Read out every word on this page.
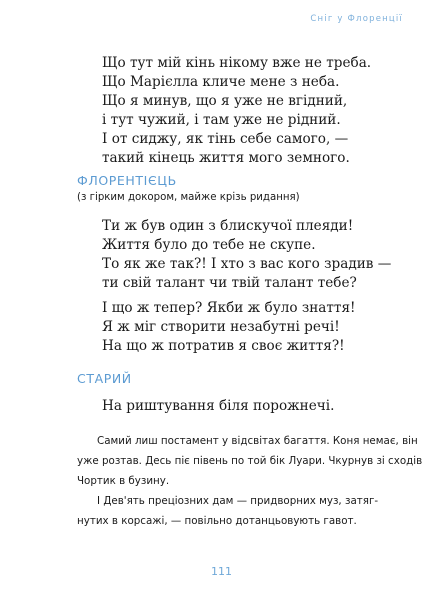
Сніг у Флоренції
Що тут мій кінь нікому вже не треба.
Що Марієлла кличе мене з неба.
Що я минув, що я уже не вгідний,
і тут чужий, і там уже не рідний.
І от сиджу, як тінь себе самого, —
такий кінець життя мого земного.
ФЛОРЕНТІЄЦЬ
(з гірким докором, майже крізь ридання)
Ти ж був один з блискучої плеяди!
Життя було до тебе не скупе.
То як же так?! І хто з вас кого зрадив —
ти свій талант чи твій талант тебе?
І що ж тепер? Якби ж було знаття!
Я ж міг створити незабутні речі!
На що ж потратив я своє життя?!
СТАРИЙ
На риштування біля порожнечі.
Самий лиш постамент у відсвітах багаття. Коня немає, він
уже розтав. Десь піє півень по той бік Луари. Чкурнув зі сходів
Чортик в бузину.
І Дев'ять преціозних дам — придворних муз, затяг-
нутих в корсажі, — повільно дотанцьовують гавот.
111
